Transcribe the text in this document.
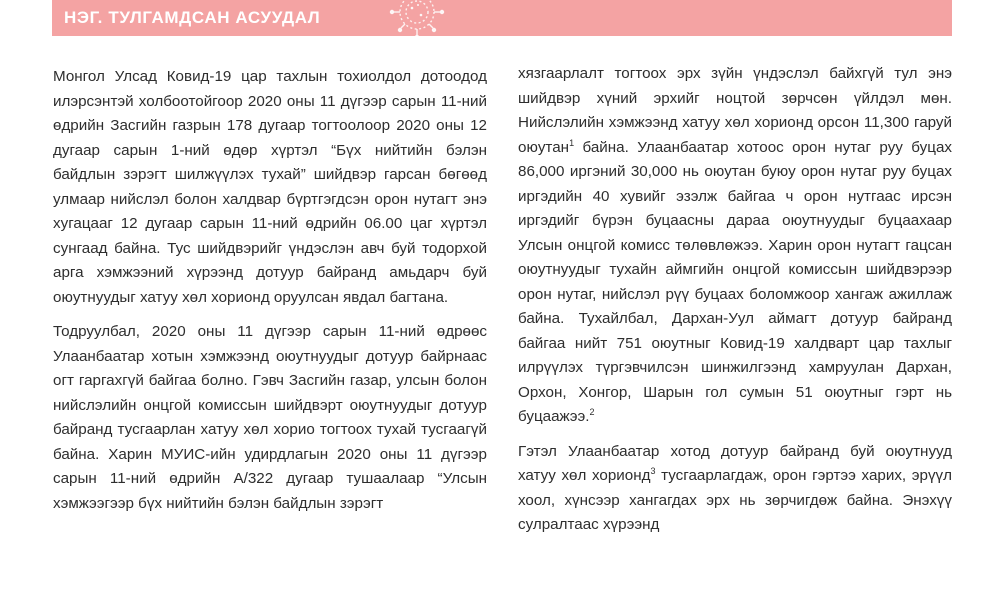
НЭГ. ТУЛГАМДСАН АСУУДАЛ

Монгол Улсад Ковид-19 цар тахлын тохиолдол дотоодод илэрсэнтэй холбоотойгоор 2020 оны 11 дүгээр сарын 11-ний өдрийн Засгийн газрын 178 дугаар тогтоолоор 2020 оны 12 дугаар сарын 1-ний өдөр хүртэл “Бүх нийтийн бэлэн байдлын зэрэгт шилжүүлэх тухай” шийдвэр гарсан бөгөөд улмаар нийслэл болон халдвар бүртгэгдсэн орон нутагт энэ хугацааг 12 дугаар сарын 11-ний өдрийн 06.00 цаг хүртэл сунгаад байна. Тус шийдвэрийг үндэслэн авч буй тодорхой арга хэмжээний хүрээнд дотуур байранд амьдарч буй оюутнуудыг хатуу хөл хорионд оруулсан явдал багтана.

Тодруулбал, 2020 оны 11 дүгээр сарын 11-ний өдрөөс Улаанбаатар хотын хэмжээнд оюутнуудыг дотуур байрнаас огт гаргахгүй байгаа болно. Гэвч Засгийн газар, улсын болон нийслэлийн онцгой комиссын шийдвэрт оюутнуудыг дотуур байранд тусгаарлан хатуу хөл хорио тогтоох тухай тусгаагүй байна. Харин МУИС-ийн удирдлагын 2020 оны 11 дүгээр сарын 11-ний өдрийн А/322 дугаар тушаалаар “Улсын хэмжээгээр бүх нийтийн бэлэн байдлын зэрэгт

хязгаарлалт тогтоох эрх зүйн үндэслэл байхгүй тул энэ шийдвэр хүний эрхийг ноцтой зөрчсөн үйлдэл мөн. Нийслэлийн хэмжээнд хатуу хөл хорионд орсон 11,300 гаруй оюутан$^1$ байна. Улаанбаатар хотоос орон нутаг руу буцах 86,000 иргэний 30,000 нь оюутан буюу орон нутаг руу буцах иргэдийн 40 хувийг эзэлж байгаа ч орон нутгаас ирсэн иргэдийг бүрэн буцаасны дараа оюутнуудыг буцаахаар Улсын онцгой комисс төлөвлөжээ. Харин орон нутагт гацсан оюутнуудыг тухайн аймгийн онцгой комиссын шийдвэрээр орон нутаг, нийслэл рүү буцаах боломжоор хангаж ажиллаж байна. Тухайлбал, Дархан-Уул аймагт дотуур байранд байгаа нийт 751 оюутныг Ковид-19 халдварт цар тахлыг илрүүлэх түргэвчилсэн шинжилгээнд хамруулан Дархан, Орхон, Хонгор, Шарын гол сумын 51 оюутныг гэрт нь буцаажээ.$^2$

Гэтэл Улаанбаатар хотод дотуур байранд буй оюутнууд хатуу хөл хорионд$^3$ тусгаарлагдаж, орон гэртээ харих, эрүүл хоол, хүнсээр хангагдах эрх нь зөрчигдөж байна. Энэхүү сулралтаас хүрээнд
